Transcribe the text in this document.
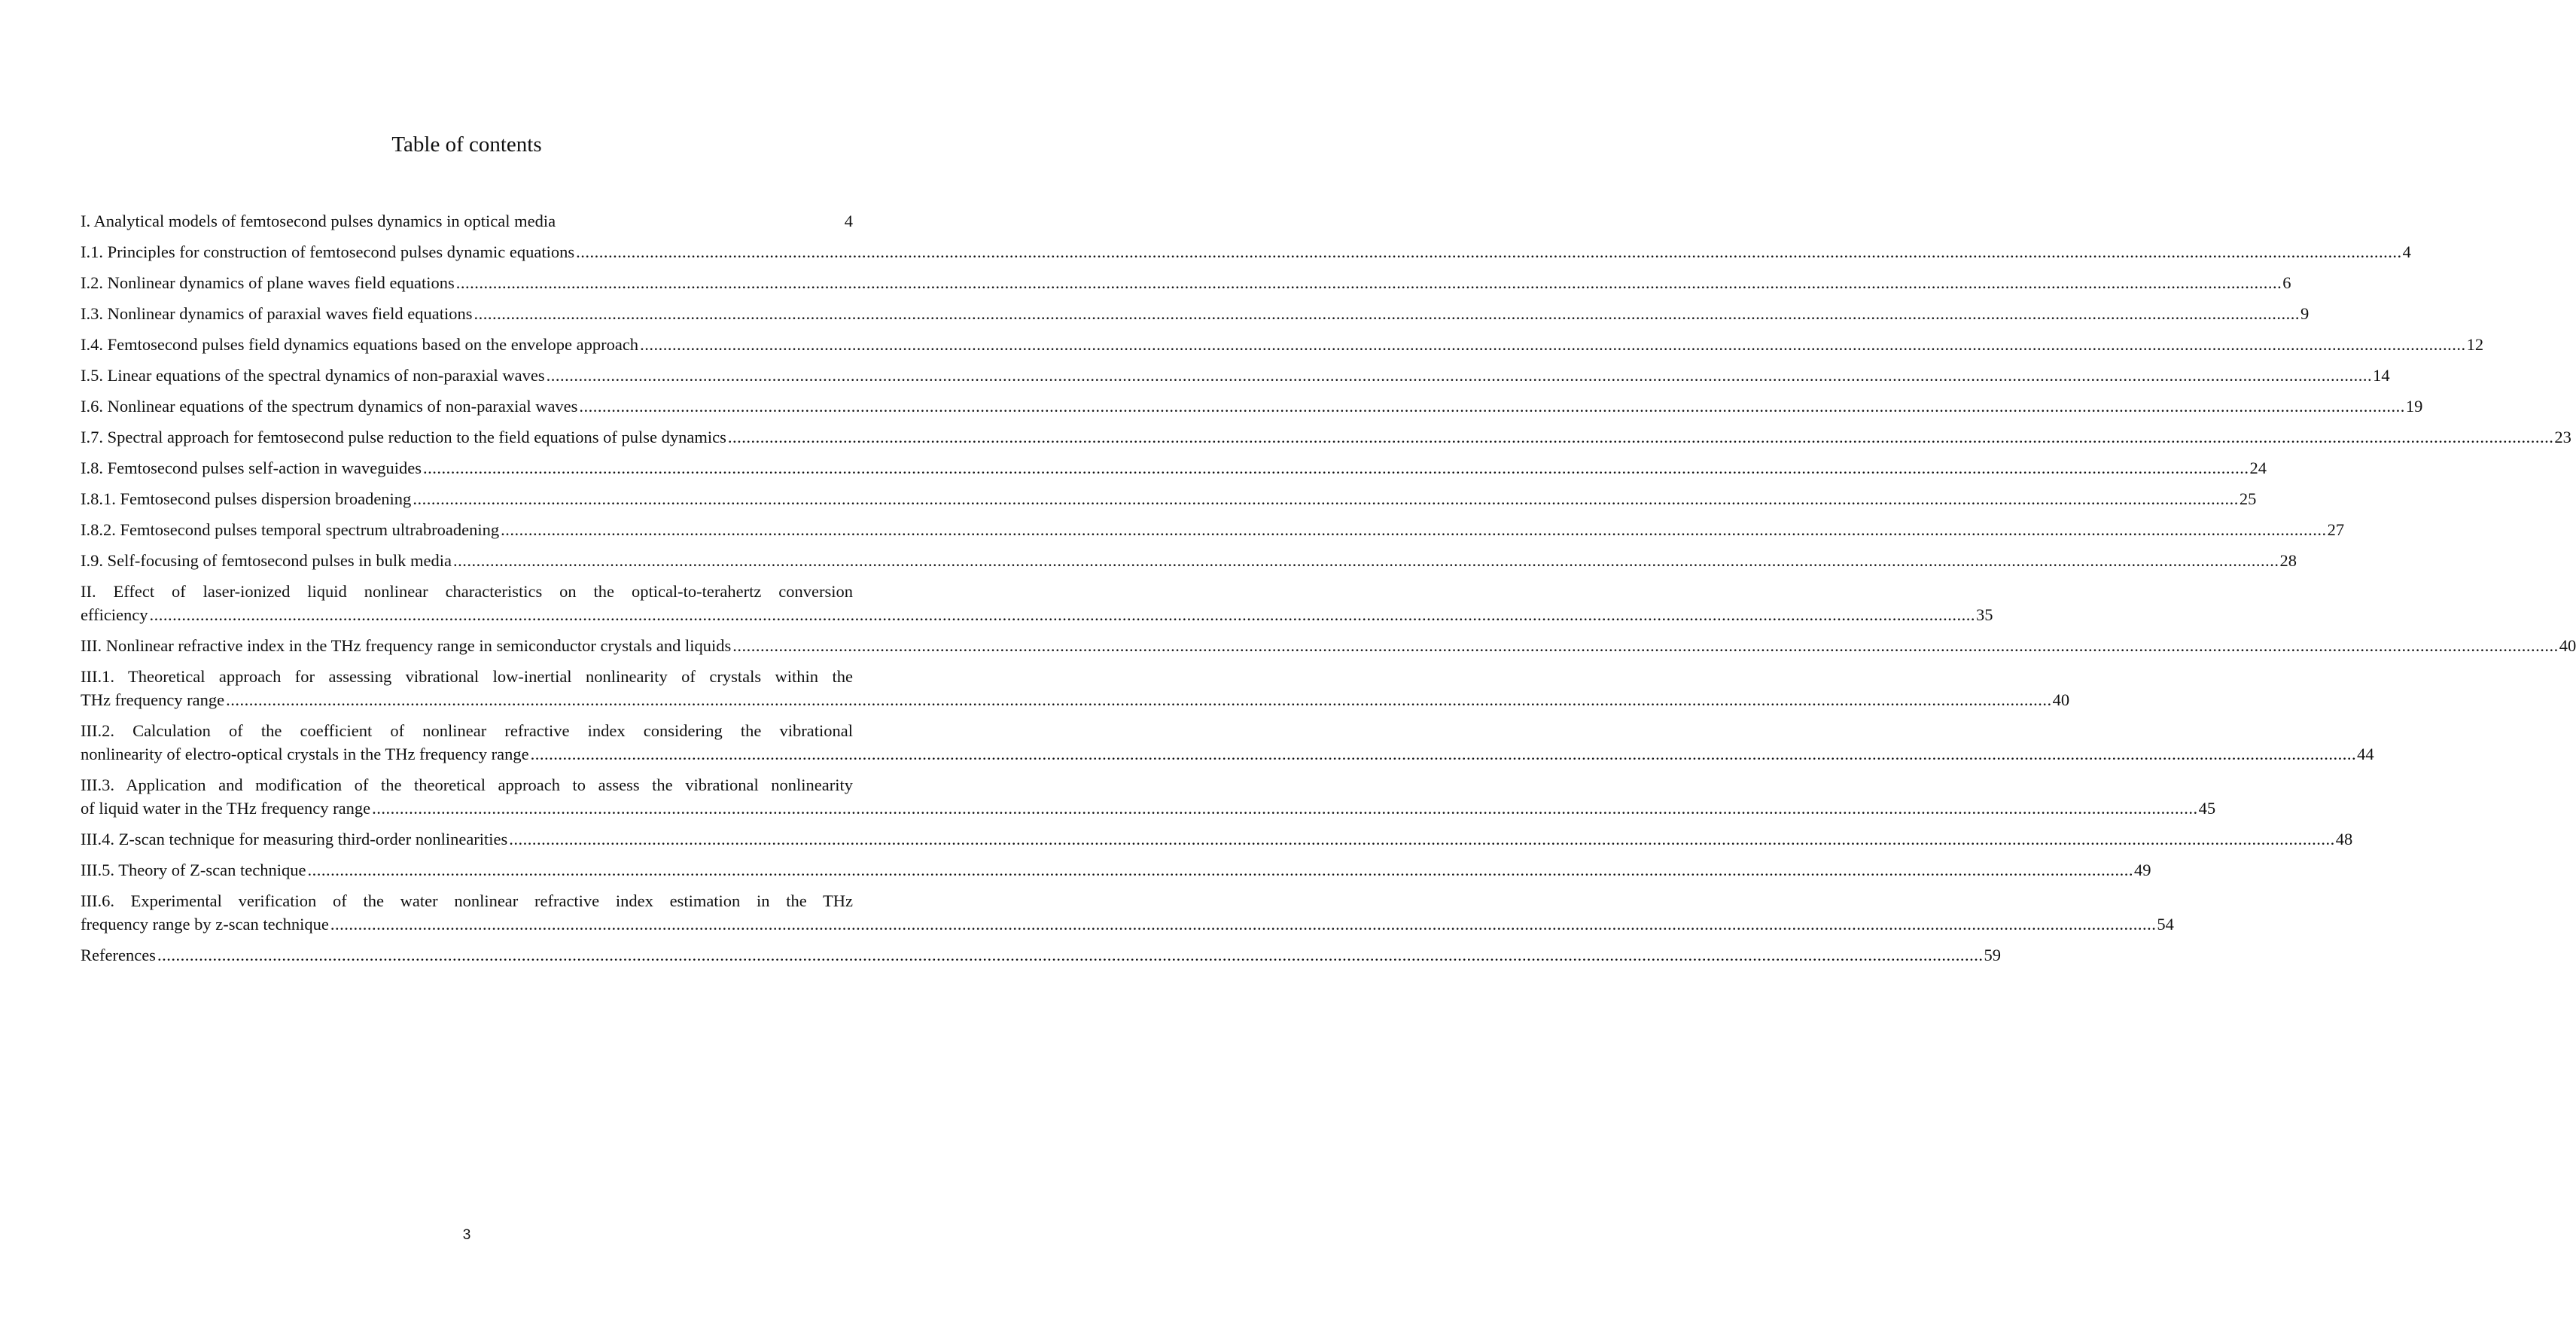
Table of contents
I. Analytical models of femtosecond pulses dynamics in optical media	4
I.1. Principles for construction of femtosecond pulses dynamic equations ............................................................................................................................................................................................................................................................................................................................................................................................................ 4
I.2. Nonlinear dynamics of plane waves field equations ............................................................................................................................................................................................................................................................................................................................................................................................................ 6
I.3. Nonlinear dynamics of paraxial waves field equations ............................................................................................................................................................................................................................................................................................................................................................................................................ 9
I.4. Femtosecond pulses field dynamics equations based on the envelope approach ............................................................................................................................................................................................................................................................................................................................................................................................................ 12
I.5. Linear equations of the spectral dynamics of non-paraxial waves ............................................................................................................................................................................................................................................................................................................................................................................................................ 14
I.6. Nonlinear equations of the spectrum dynamics of non-paraxial waves ............................................................................................................................................................................................................................................................................................................................................................................................................ 19
I.7. Spectral approach for femtosecond pulse reduction to the field equations of pulse dynamics ............................................................................................................................................................................................................................................................................................................................................................................................................ 23
I.8. Femtosecond pulses self-action in waveguides ............................................................................................................................................................................................................................................................................................................................................................................................................ 24
I.8.1. Femtosecond pulses dispersion broadening ............................................................................................................................................................................................................................................................................................................................................................................................................ 25
I.8.2. Femtosecond pulses temporal spectrum ultrabroadening ............................................................................................................................................................................................................................................................................................................................................................................................................ 27
I.9. Self-focusing of femtosecond pulses in bulk media ............................................................................................................................................................................................................................................................................................................................................................................................................ 28
II. Effect of laser-ionized liquid nonlinear characteristics on the optical-to-terahertz conversion
efficiency ............................................................................................................................................................................................................................................................................................................................................................................................................ 35
III. Nonlinear refractive index in the THz frequency range in semiconductor crystals and liquids ............................................................................................................................................................................................................................................................................................................................................................................................................ 40
III.1. Theoretical approach for assessing vibrational low-inertial nonlinearity of crystals within the
THz frequency range ............................................................................................................................................................................................................................................................................................................................................................................................................ 40
III.2. Calculation of the coefficient of nonlinear refractive index considering the vibrational
nonlinearity of electro-optical crystals in the THz frequency range ............................................................................................................................................................................................................................................................................................................................................................................................................ 44
III.3. Application and modification of the theoretical approach to assess the vibrational nonlinearity
of liquid water in the THz frequency range ............................................................................................................................................................................................................................................................................................................................................................................................................ 45
III.4. Z-scan technique for measuring third-order nonlinearities ............................................................................................................................................................................................................................................................................................................................................................................................................ 48
III.5. Theory of Z-scan technique ............................................................................................................................................................................................................................................................................................................................................................................................................ 49
III.6. Experimental verification of the water nonlinear refractive index estimation in the THz
frequency range by z-scan technique ............................................................................................................................................................................................................................................................................................................................................................................................................ 54
References ............................................................................................................................................................................................................................................................................................................................................................................................................ 59
3
